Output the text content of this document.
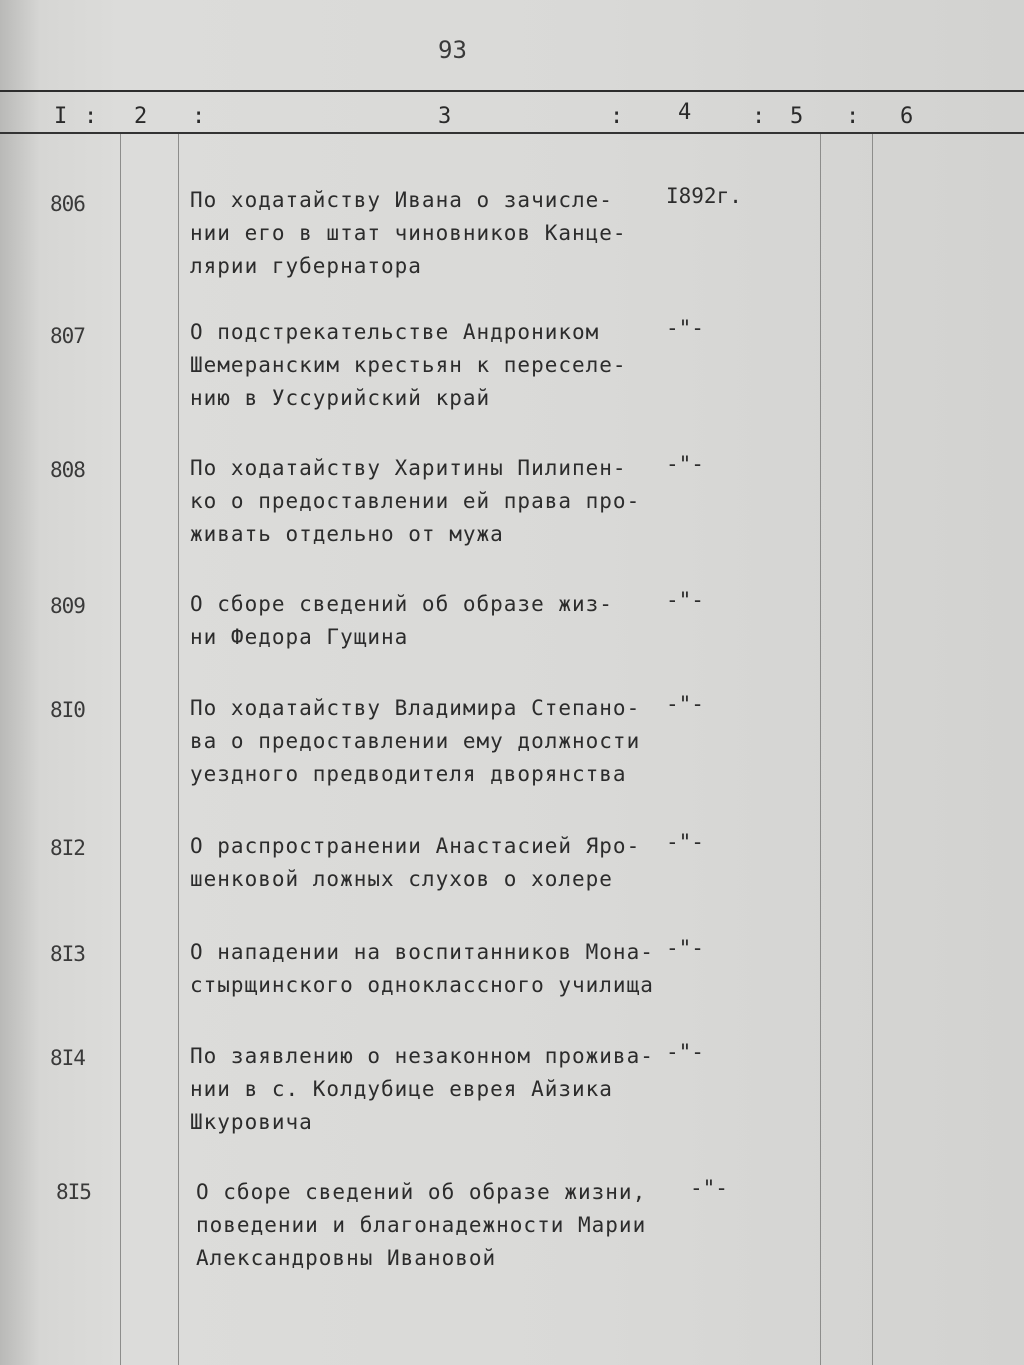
93
I : 2 :	3	: 4	: 5 : 6
806	По ходатайству Ивана о зачисле-
нии его в штат чиновников Канце-
лярии губернатора
I892г.
807	О подстрекательстве Андроником
Шемеранским крестьян к переселе-
нию в Уссурийский край
-"-
808	По ходатайству Харитины Пилипен-
ко о предоставлении ей права про-
живать отдельно от мужа
-"-
809	О сборе сведений об образе жиз-
ни Федора Гущина
-"-
8I0	По ходатайству Владимира Степано-
ва о предоставлении ему должности
уездного предводителя дворянства
-"-
8I2	О распространении Анастасией Яро-
шенковой ложных слухов о холере
-"-
8I3	О нападении на воспитанников Мона-
стырщинского одноклассного училища
-"-
8I4	По заявлению о незаконном прожива-
нии в с. Колдубице еврея Айзика
Шкуровича
-"-
8I5	О сборе сведений об образе жизни,
поведении и благонадежности Марии
Александровны Ивановой
-"-
